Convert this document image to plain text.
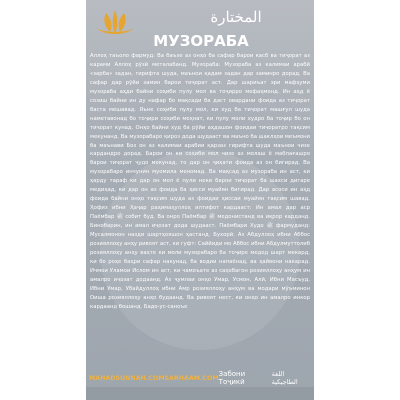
المختارة
МУЗОРАБА
Аллоҳ таъоло фармуд: Ва баъзе аз онҳо ба сафар барои касб ва тиҷорат аз карами Аллоҳ рӯзӣ металабанд. Музораба: Музораба аз калимаи арабӣ «зарба» задан, гирифта шуда, маънои қадам задан дар заминро дорад. Ва сафар дар рӯйи замин барои тиҷорат аст. Дар шариъат эри мафҳуми музораба аҳди байни соҳиби пулу мол ва тоҷирро мефаҳмонд. Ин аҳд ё созиш байни ин ду нафар бо мақсади ба даст овардани фоида аз тиҷорат баста мешавад. Яъне соҳиби пулу мол, ки худ ба тиҷорат машғул шуда наметавонад бо тоҷири соҳиби меҳнат, ки пулу моли худро ба тоҷир бо он тиҷорат кунад. Онҳо байни худ ба рӯйи аҳдашон фоидаи тиҷоратро тақсим мекунанд. Ва музорабаро қироз дода шудааст ва маъно ба шаклҳои меъмони ба маънави Боз он аз калимаи арабии қарзаз гирифта шуда маънои чизе кардандро дорад. Барои он ки соҳиби мол чизе аз молаш ё маблағашро барои тиҷорат ҷудо мекунад, то дар он ҷиҳати фоида аз он бигирад. Ва музорабаро инчунин муомила меномад. Ва мақсад аз музораба ин аст, ки ҳарду тараф ки дар он мол ё пули неки барои тиҷорат ба шахси дигаре медиҳад, ки дар он аз фоида ба ҳисси муайян бигирад. Дар асоси ин аҳд фоида байни онҳо тақсим шуда аз фоидаи ҳиссаи муайян тақсим шавад. Ҳофиз ибни Ҳаҷар раҳимаҳуллоҳ илтифот кардааст: Ин амал дар аср Паёмбар ﷺ собит буд. Ва онро Паёмбар ﷺ медонистанд ва иқрор карданд. Бинобарин, ин амал иҷозат дода шудааст. Паёмбари Худо ﷺ фармуданд: Мусалмонон назди шартҳояшон ҳастанд. Бухорӣ. Аз Абдуллоҳ ибни Аббос розияллоҳу анҳу ривоят аст, ки гуфт: Саййиди мо Аббос ибни Абдулмуттолиб розияллоҳу анҳу ваҳте ки моли музорабаро ба тоҷире медод шарт мекард, ки бо роҳе баҳри сафар накунад, ба водии напаёнад, ва ҳайвони накарад. Ичмои Уламои Ислом ин аст, ки чамоъате аз саҳобагон розияллоҳу анҳум ин амалро иҷозат додаанд. Аз ҷумлаи онҳо Умар, Усмон, Алӣ, Ибни Масъуд, Ибни Умар, Убайдуллоҳ ибни Амр розияллоҳу анҳум ва модари мӯъминон Оиша розияллоҳу анҳо будаанд. Ва ривоят нест, ки онҳо ин амалро инкор кардаанд бошанд. Бадо-ус-саноъе
MAHADSUNNAH.COM SARHAAM.COM Забони Тоҷикӣ
اللغة الطاجيكية
